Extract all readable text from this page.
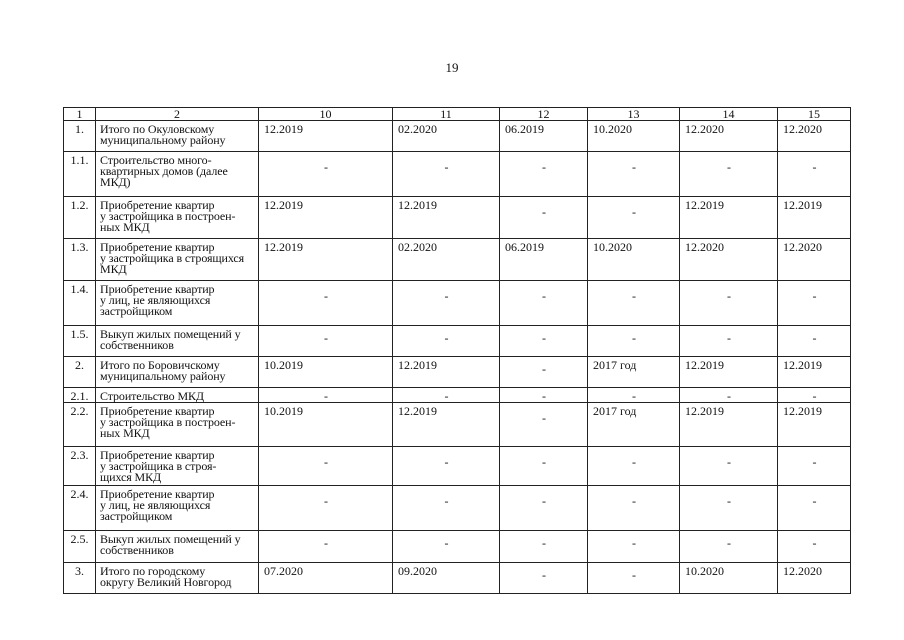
19
1	2	10	11	12	13	14	15
1.	Итого по Окуловскому
муниципальному району	12.2019	02.2020	06.2019	10.2020	12.2020	12.2020
1.1.	Строительство много-
квартирных домов (далее
МКД)	-	-	-	-	-	-
1.2.	Приобретение квартир
у застройщика в построен-
ных МКД	12.2019	12.2019	-	-	12.2019	12.2019
1.3.	Приобретение квартир
у застройщика в строящихся
МКД	12.2019	02.2020	06.2019	10.2020	12.2020	12.2020
1.4.	Приобретение квартир
у лиц, не являющихся
застройщиком	-	-	-	-	-	-
1.5.	Выкуп жилых помещений у
собственников	-	-	-	-	-	-
2.	Итого по Боровичскому
муниципальному району	10.2019	12.2019	-	2017 год	12.2019	12.2019
2.1.	Строительство МКД	-	-	-	-	-	-
2.2.	Приобретение квартир
у застройщика в построен-
ных МКД	10.2019	12.2019	-	2017 год	12.2019	12.2019
2.3.	Приобретение квартир
у застройщика в строя-
щихся МКД	-	-	-	-	-	-
2.4.	Приобретение квартир
у лиц, не являющихся
застройщиком	-	-	-	-	-	-
2.5.	Выкуп жилых помещений у
собственников	-	-	-	-	-	-
3.	Итого по городскому
округу Великий Новгород	07.2020	09.2020	-	-	10.2020	12.2020
